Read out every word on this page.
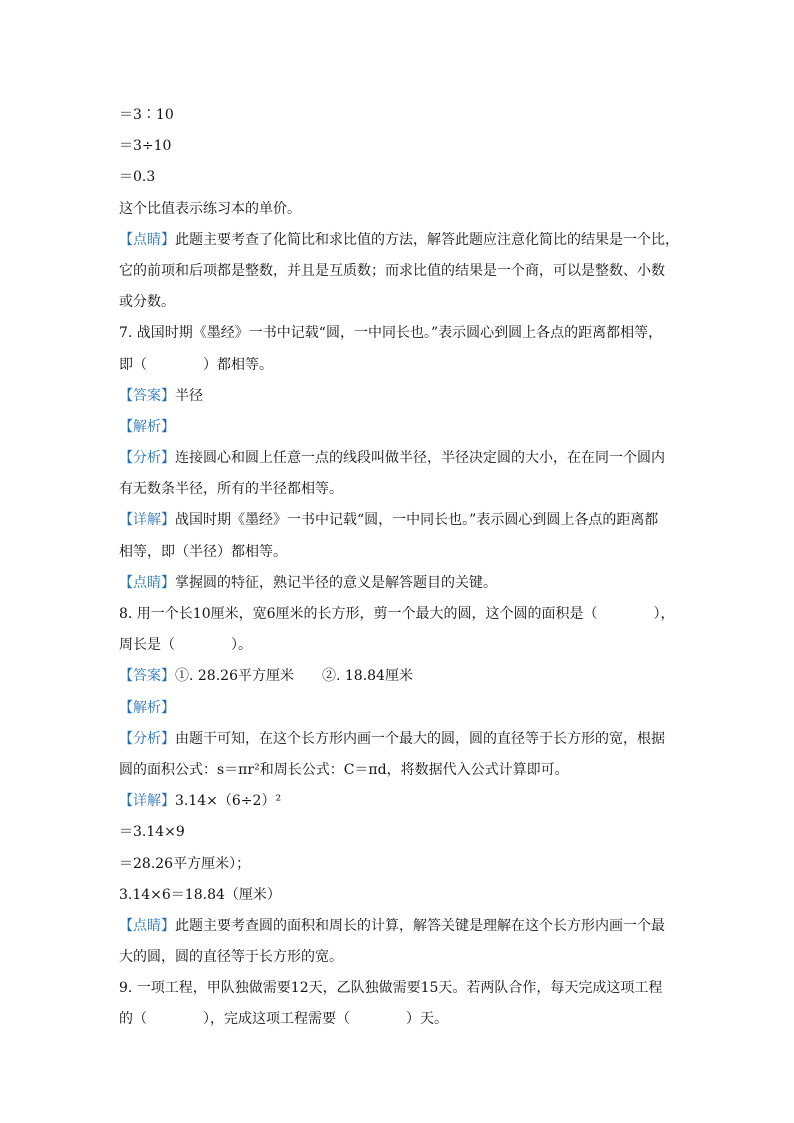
＝3∶10
＝3÷10
＝0.3
这个比值表示练习本的单价。
【点睛】此题主要考查了化简比和求比值的方法，解答此题应注意化简比的结果是一个比，
它的前项和后项都是整数，并且是互质数；而求比值的结果是一个商，可以是整数、小数
或分数。
7. 战国时期《墨经》一书中记载“圆，一中同长也。”表示圆心到圆上各点的距离都相等，
即（　　　　）都相等。
【答案】半径
【解析】
【分析】连接圆心和圆上任意一点的线段叫做半径，半径决定圆的大小，在在同一个圆内
有无数条半径，所有的半径都相等。
【详解】战国时期《墨经》一书中记载“圆，一中同长也。”表示圆心到圆上各点的距离都
相等，即（半径）都相等。
【点睛】掌握圆的特征，熟记半径的意义是解答题目的关键。
8. 用一个长10厘米，宽6厘米的长方形，剪一个最大的圆，这个圆的面积是（　　　　），
周长是（　　　　）。
【答案】①. 28.26平方厘米　　②. 18.84厘米
【解析】
【分析】由题干可知，在这个长方形内画一个最大的圆，圆的直径等于长方形的宽，根据
圆的面积公式：s＝πr²和周长公式：C＝πd，将数据代入公式计算即可。
【详解】3.14×（6÷2）²
＝3.14×9
＝28.26平方厘米）；
3.14×6＝18.84（厘米）
【点睛】此题主要考查圆的面积和周长的计算，解答关键是理解在这个长方形内画一个最
大的圆，圆的直径等于长方形的宽。
9. 一项工程，甲队独做需要12天，乙队独做需要15天。若两队合作，每天完成这项工程
的（　　　　），完成这项工程需要（　　　　）天。
